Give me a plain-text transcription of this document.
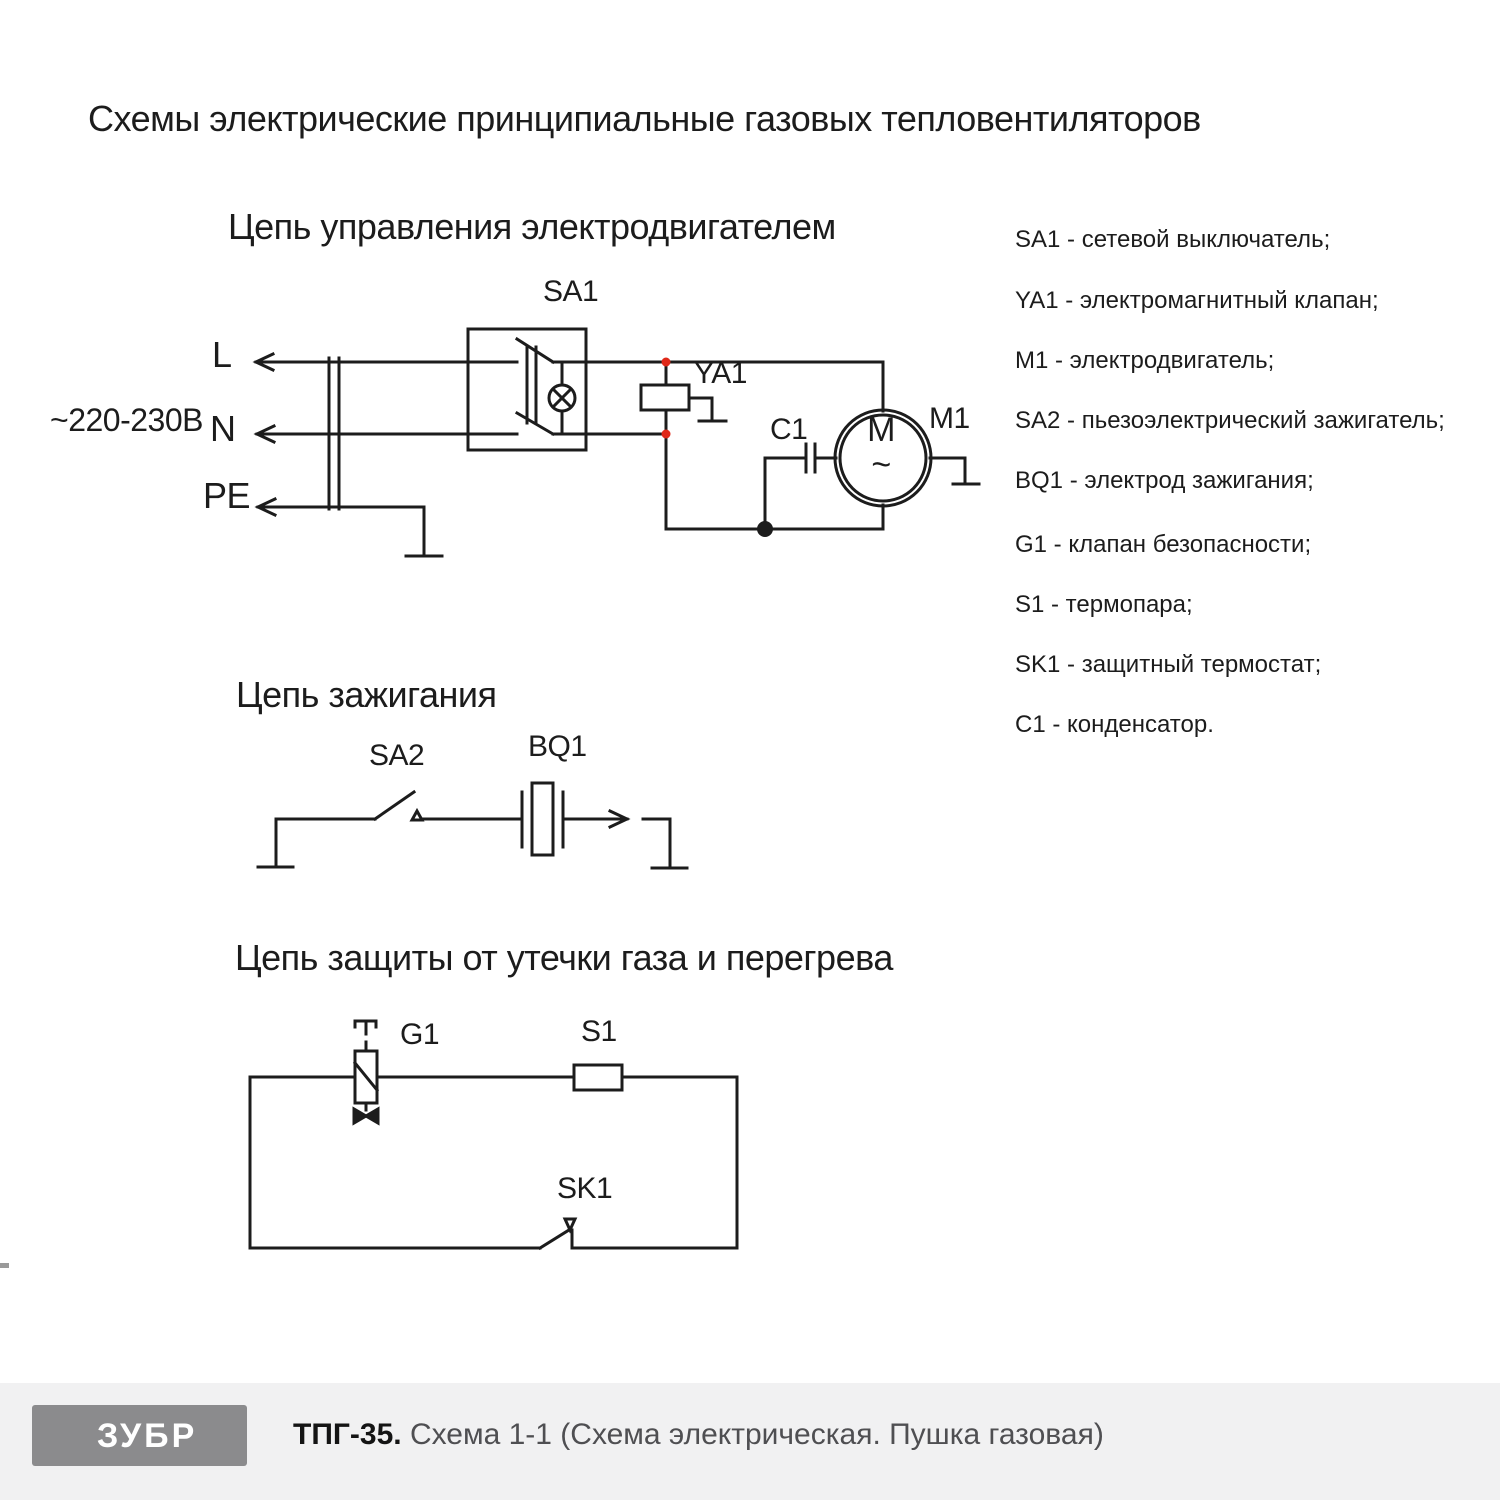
Схемы электрические принципиальные газовых тепловентиляторов
Цепь управления электродвигателем
~220-230В
L
N
PE
SA1
YA1
C1	M1
M
~
Цепь зажигания
SA2	BQ1
Цепь защиты от утечки газа и перегрева
G1	S1
SK1
SA1 - сетевой выключатель;
YA1 - электромагнитный клапан;
M1 - электродвигатель;
SA2 - пьезоэлектрический зажигатель;
BQ1 - электрод зажигания;
G1 - клапан безопасности;
S1 - термопара;
SK1 - защитный термостат;
C1 - конденсатор.
ЗУБР	ТПГ-35. Схема 1-1 (Схема электрическая. Пушка газовая)
